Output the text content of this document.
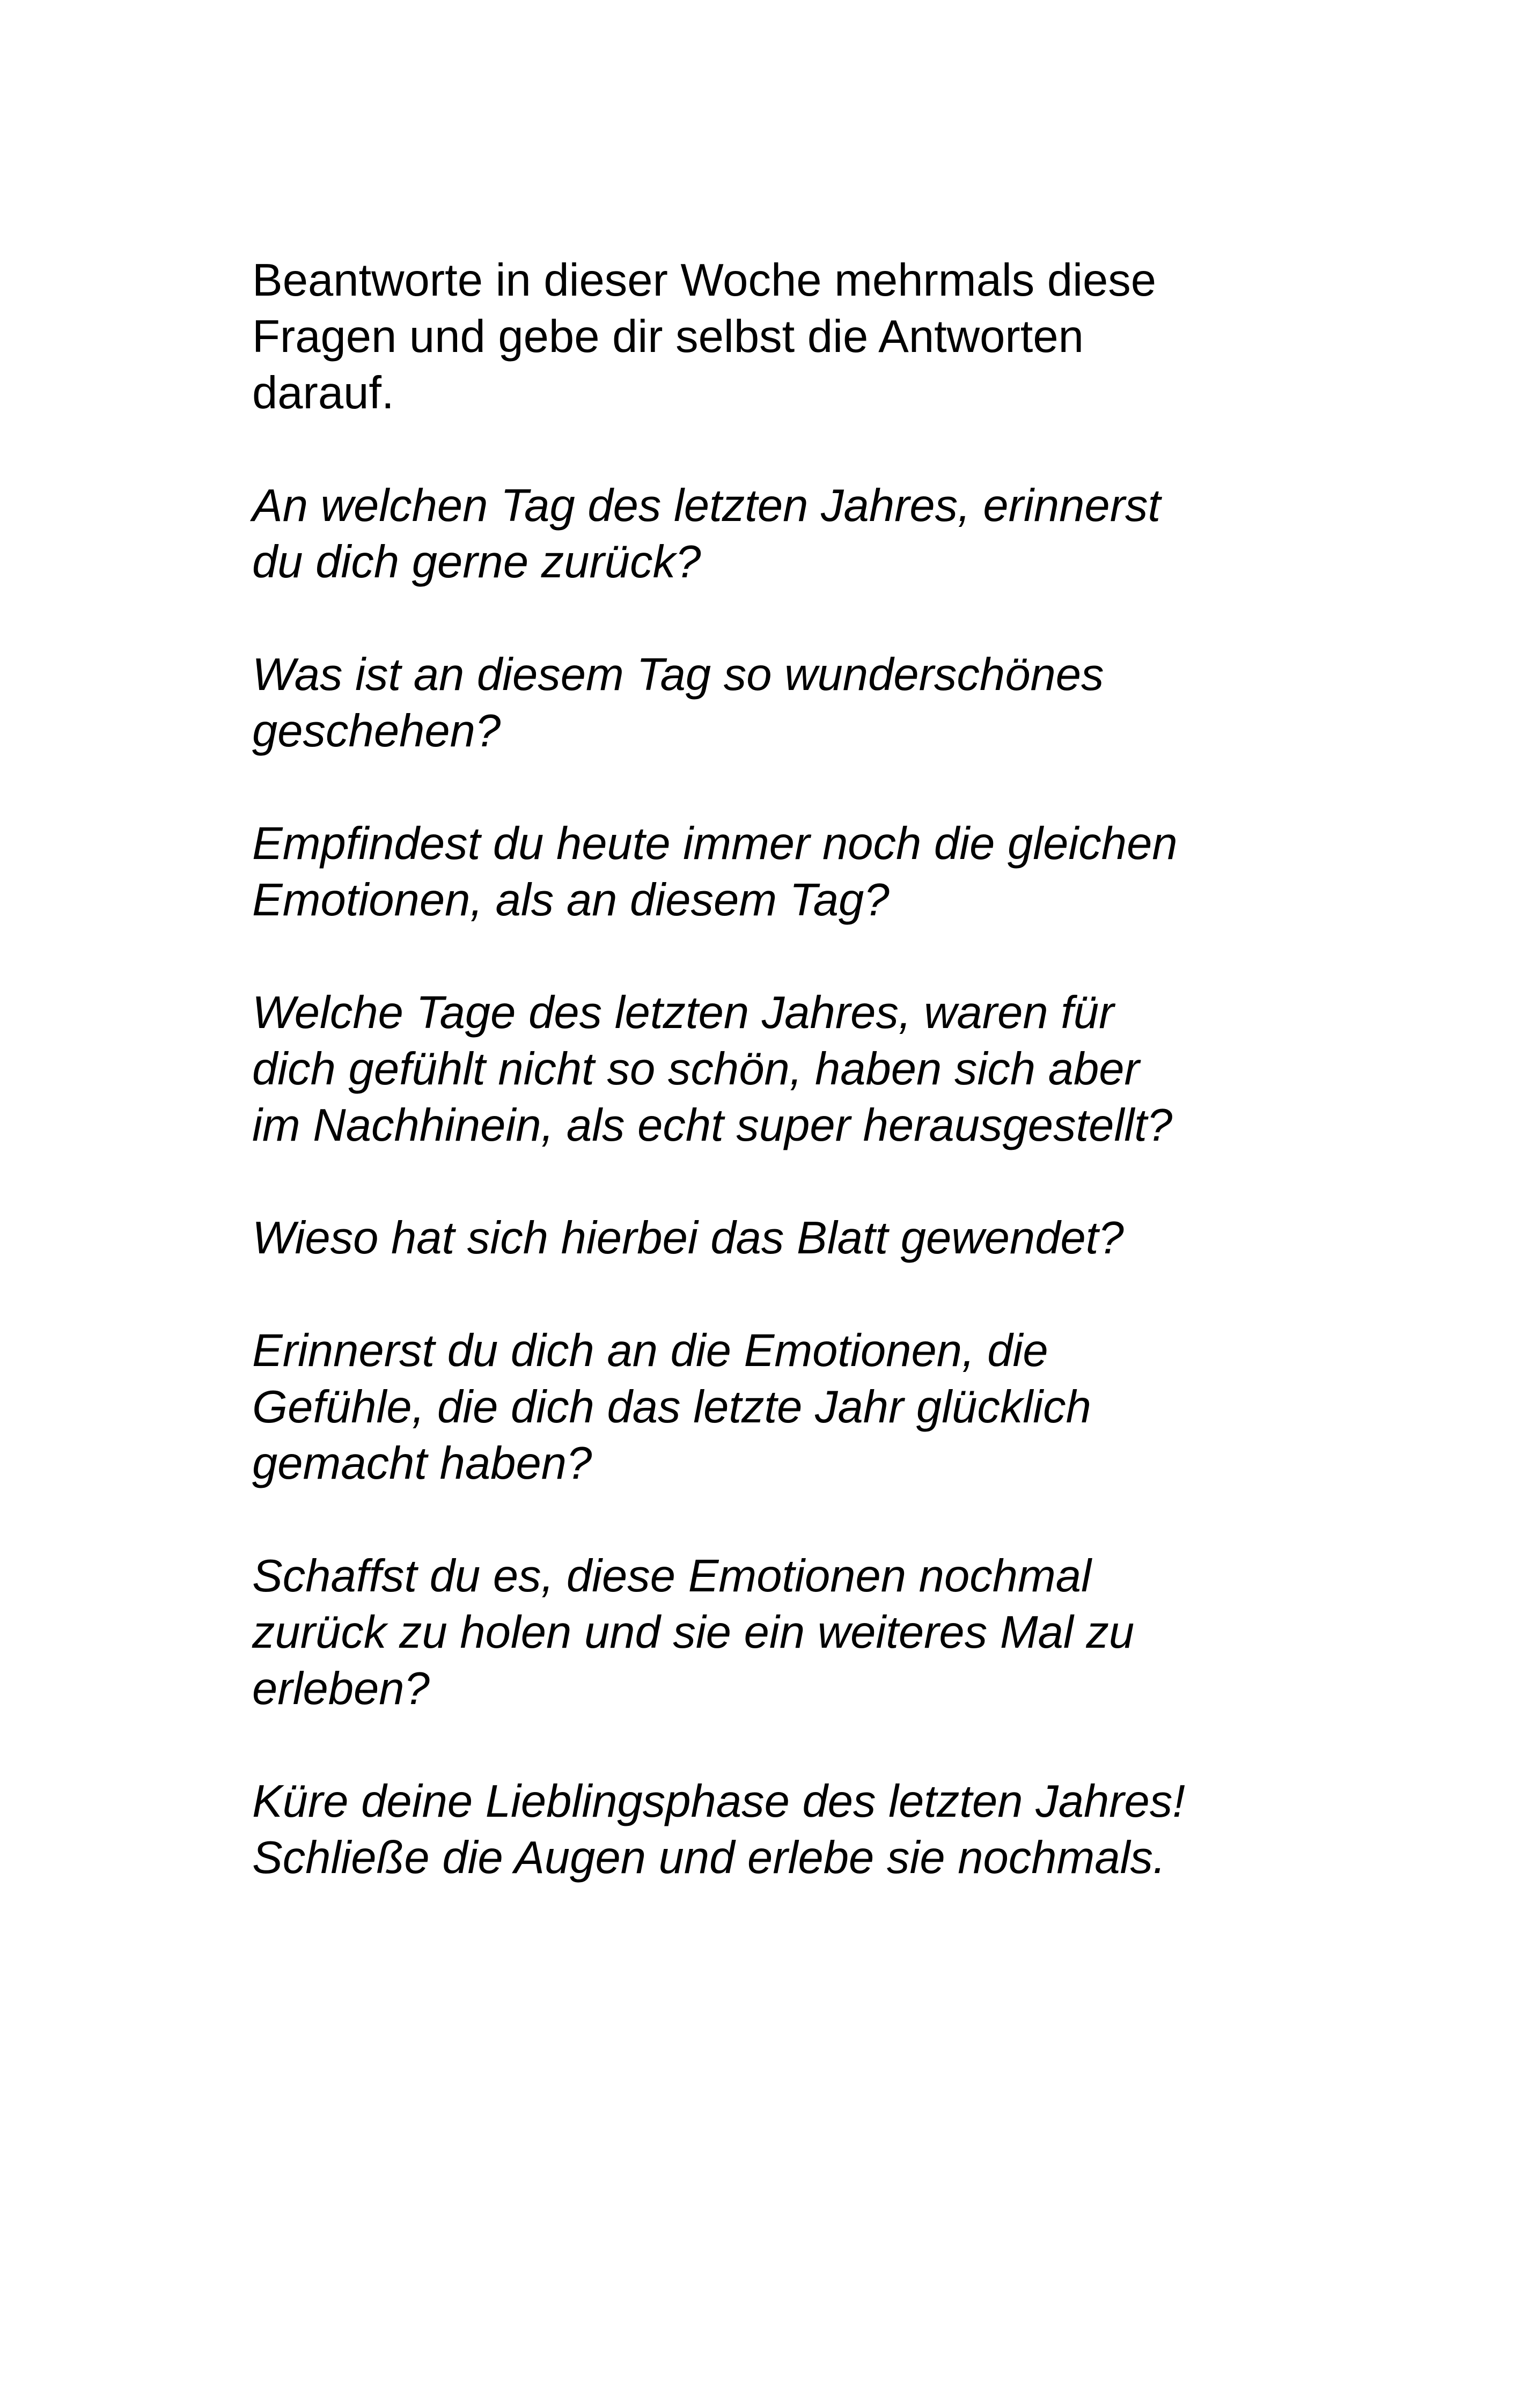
Beantworte in dieser Woche mehrmals diese
Fragen und gebe dir selbst die Antworten
darauf.

An welchen Tag des letzten Jahres, erinnerst
du dich gerne zurück?

Was ist an diesem Tag so wunderschönes
geschehen?

Empfindest du heute immer noch die gleichen
Emotionen, als an diesem Tag?

Welche Tage des letzten Jahres, waren für
dich gefühlt nicht so schön, haben sich aber
im Nachhinein, als echt super herausgestellt?

Wieso hat sich hierbei das Blatt gewendet?

Erinnerst du dich an die Emotionen, die
Gefühle, die dich das letzte Jahr glücklich
gemacht haben?

Schaffst du es, diese Emotionen nochmal
zurück zu holen und sie ein weiteres Mal zu
erleben?

Küre deine Lieblingsphase des letzten Jahres!
Schließe die Augen und erlebe sie nochmals.
